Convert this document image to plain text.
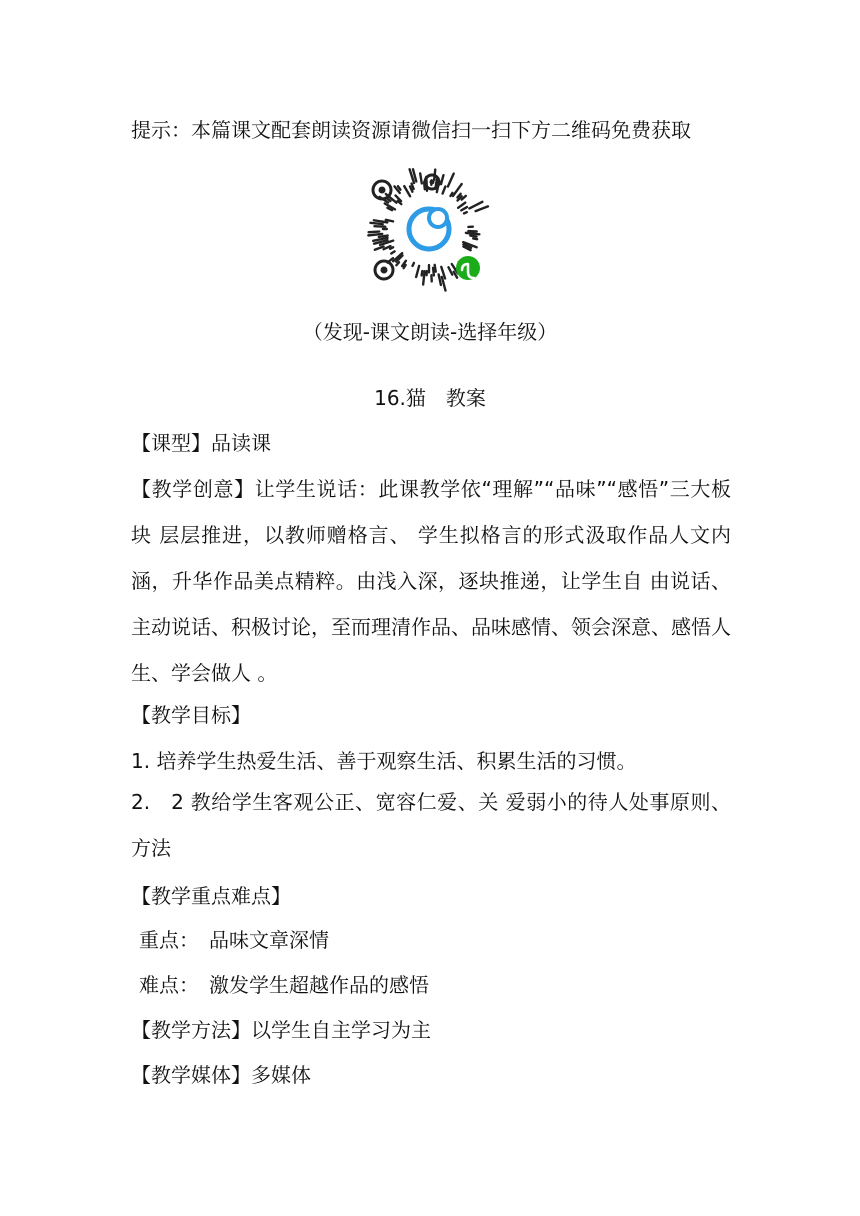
提示：本篇课文配套朗读资源请微信扫一扫下方二维码免费获取
（发现-课文朗读-选择年级）
16.猫　教案
【课型】品读课
【教学创意】让学生说话：此课教学依“理解”“品味”“感悟”三大板 块 层层推进，以教师赠格言、 学生拟格言的形式汲取作品人文内涵，升华作品美点精粹。由浅入深，逐块推递，让学生自 由说话、主动说话、积极讨论，至而理清作品、品味感情、领会深意、感悟人生、学会做人 。
【教学目标】
1. 培养学生热爱生活、善于观察生活、积累生活的习惯。
2.　2 教给学生客观公正、宽容仁爱、关 爱弱小的待人处事原则、方法
【教学重点难点】
重点：　品味文章深情
难点：　激发学生超越作品的感悟
【教学方法】以学生自主学习为主
【教学媒体】多媒体
